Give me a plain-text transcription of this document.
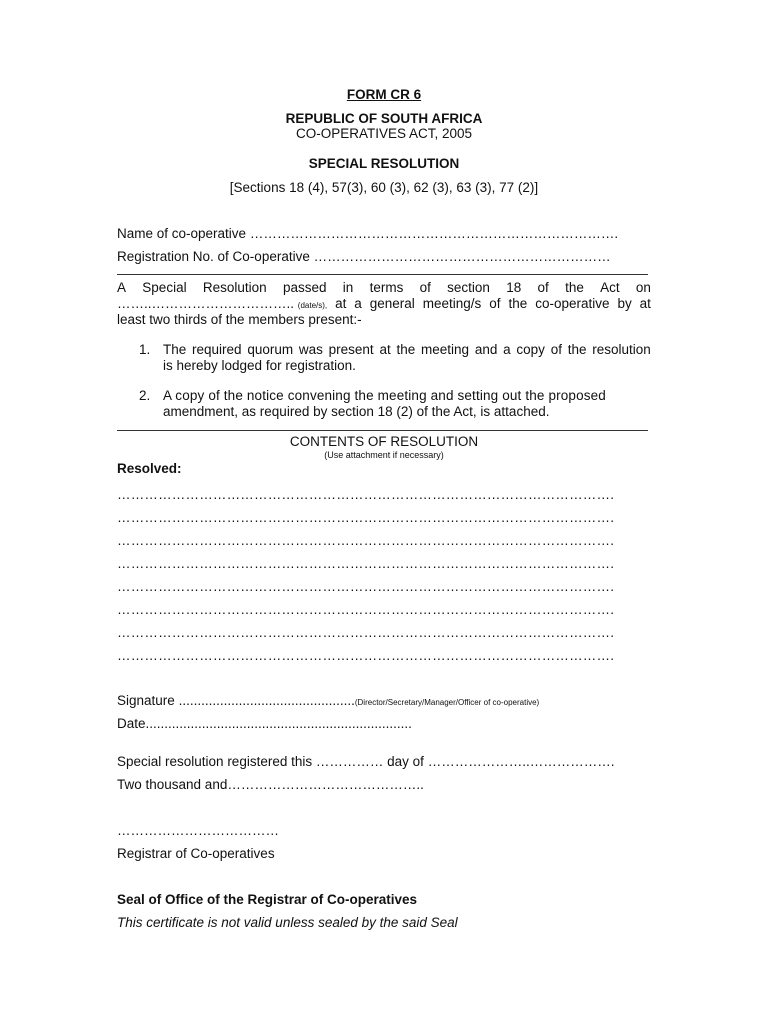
FORM CR 6
REPUBLIC OF SOUTH AFRICA
CO-OPERATIVES ACT, 2005
SPECIAL RESOLUTION
[Sections 18 (4), 57(3), 60 (3), 62 (3), 63 (3), 77 (2)]
Name of co-operative ……………………………………………………………………….
Registration No. of Co-operative …………………………………………………………
A Special Resolution passed in terms of section 18 of the Act on
……..………………………….. (date/s), at a general meeting/s of the co-operative by at
least two thirds of the members present:-
1. The required quorum was present at the meeting and a copy of the resolution
is hereby lodged for registration.
2. A copy of the notice convening the meeting and setting out the proposed
amendment, as required by section 18 (2) of the Act, is attached.
CONTENTS OF RESOLUTION
(Use attachment if necessary)
Resolved:
……………………………………………………………………………………………….
……………………………………………………………………………………………….
……………………………………………………………………………………………….
……………………………………………………………………………………………….
……………………………………………………………………………………………….
……………………………………………………………………………………………….
……………………………………………………………………………………………….
……………………………………………………………………………………………….
Signature ...............................................(Director/Secretary/Manager/Officer of co-operative)
Date.......................................................................
Special resolution registered this …………… day of …………………..……………….
Two thousand and……………………………………..
………………………………
Registrar of Co-operatives
Seal of Office of the Registrar of Co-operatives
This certificate is not valid unless sealed by the said Seal
